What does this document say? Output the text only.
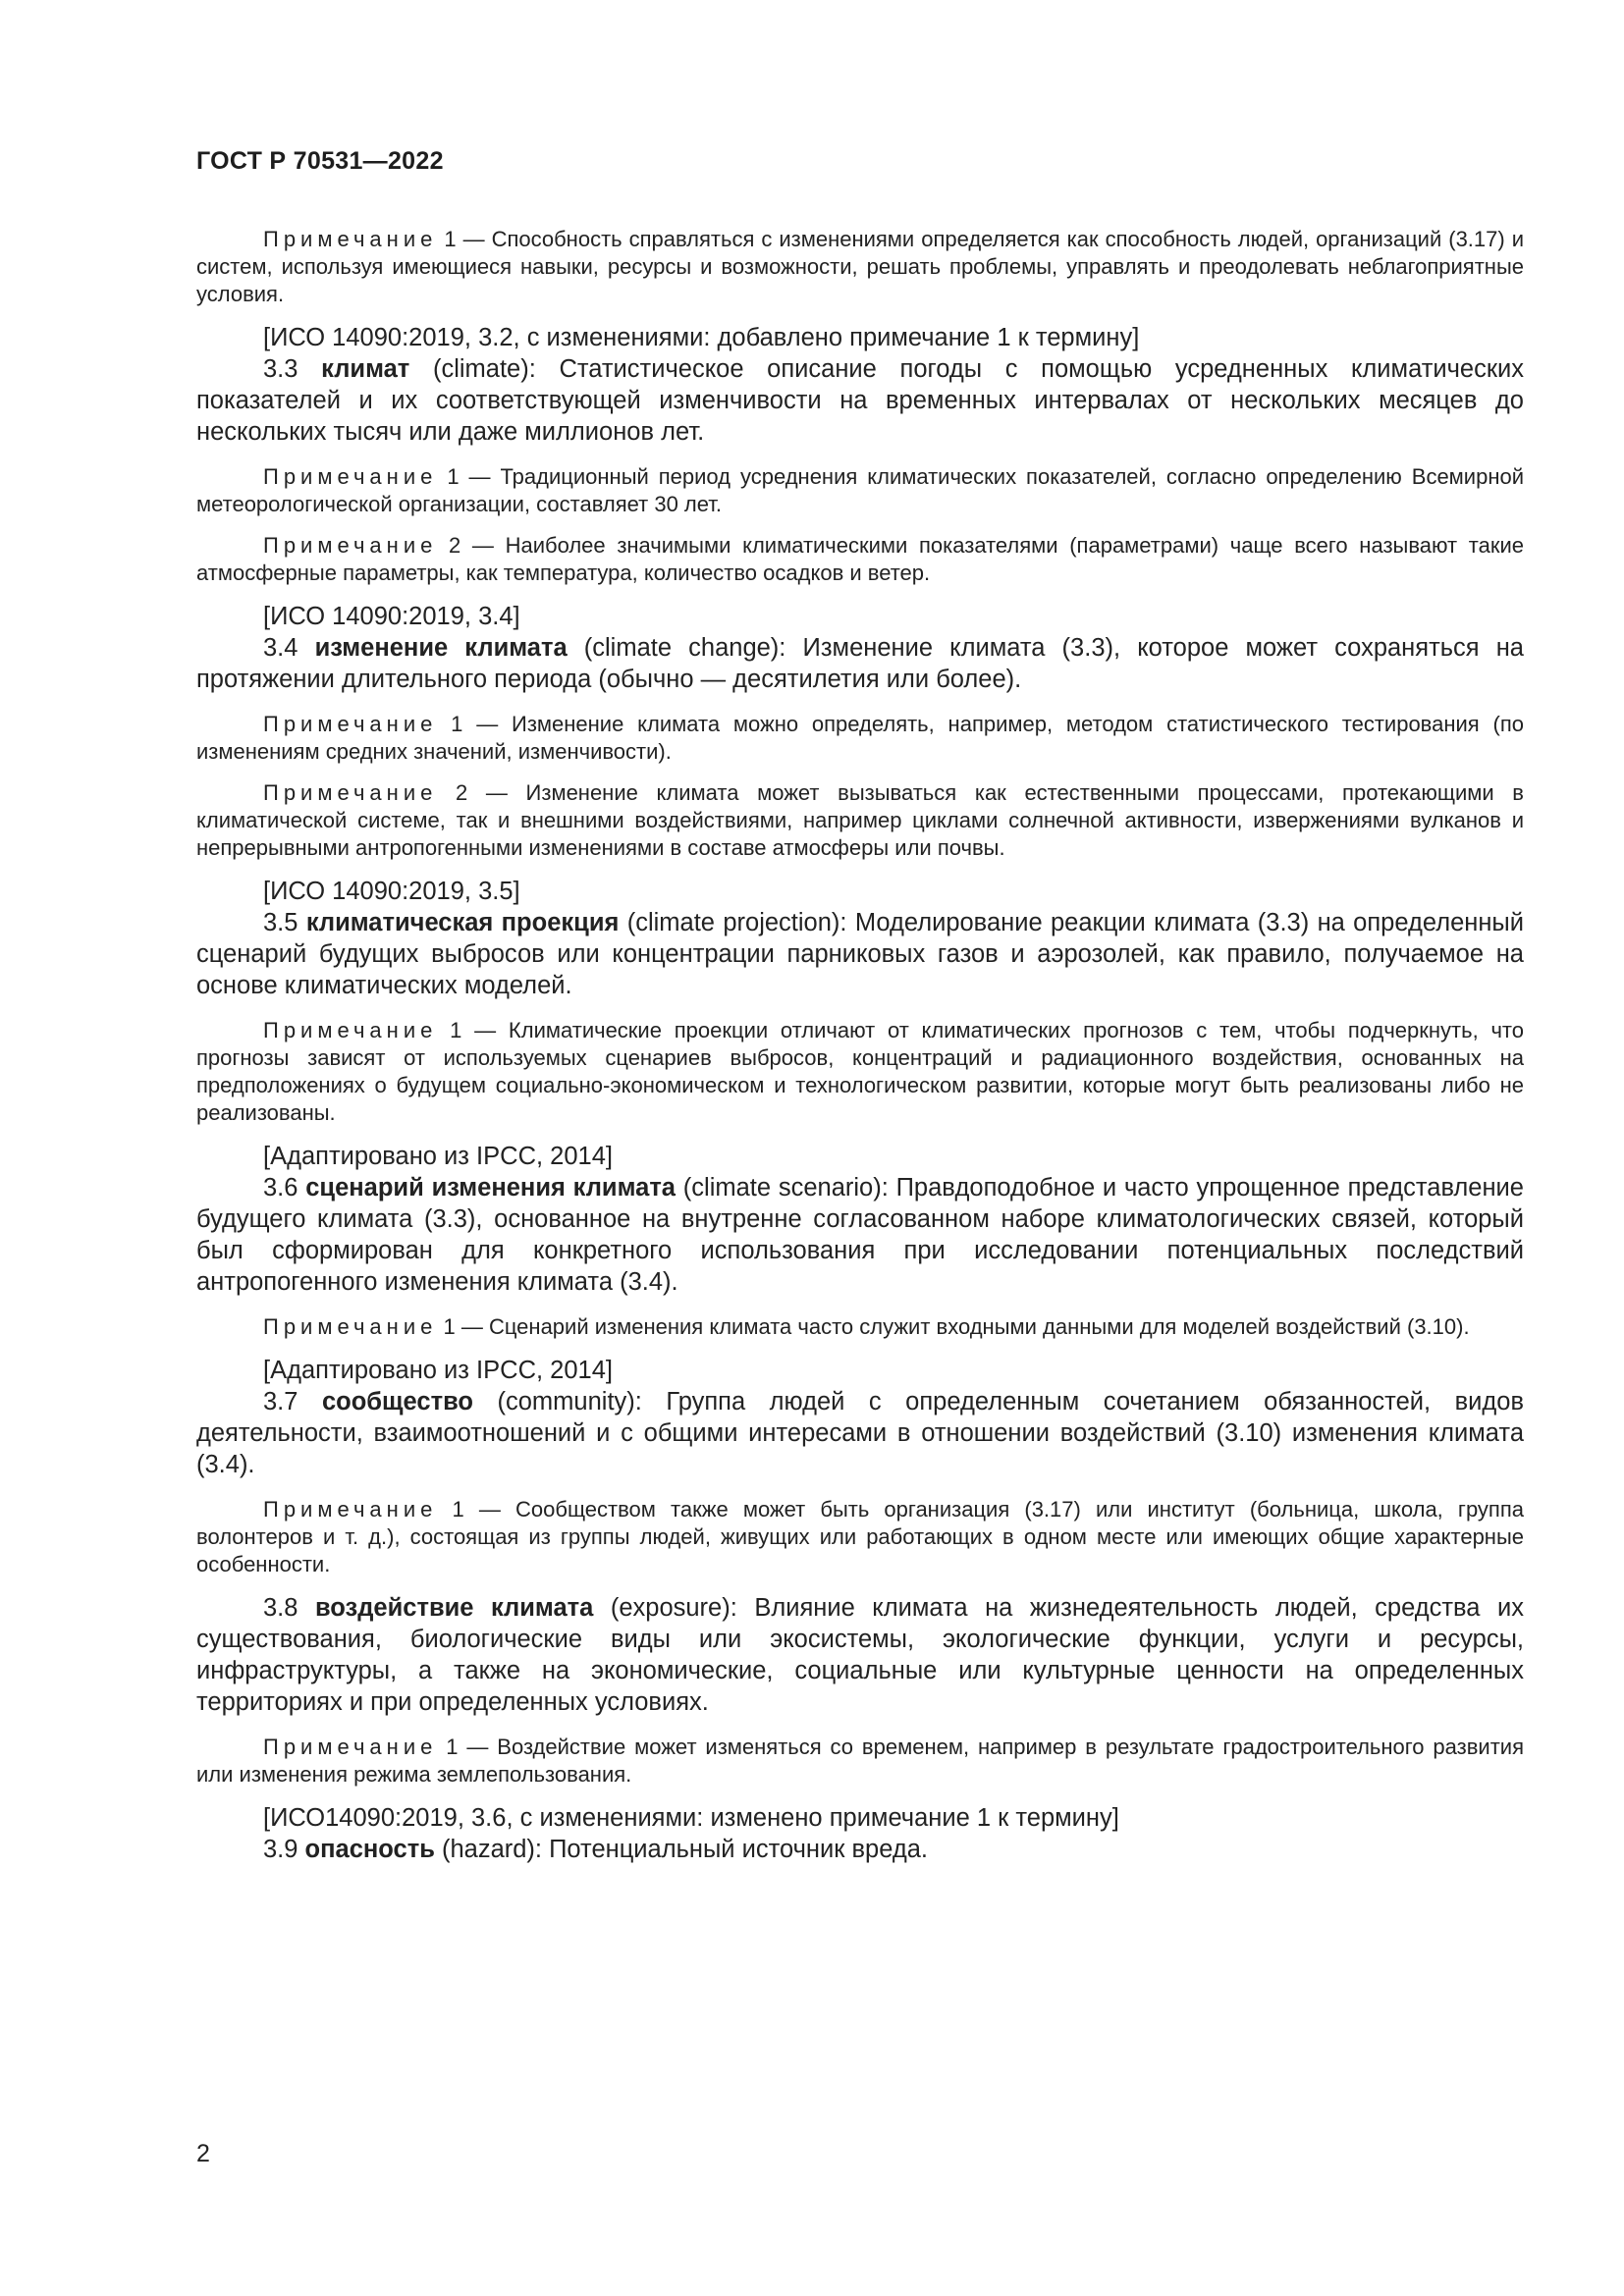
ГОСТ Р 70531—2022

Примечание 1 — Способность справляться с изменениями определяется как способность людей, организаций (3.17) и систем, используя имеющиеся навыки, ресурсы и возможности, решать проблемы, управлять и преодолевать неблагоприятные условия.

[ИСО 14090:2019, 3.2, с изменениями: добавлено примечание 1 к термину]

3.3 климат (climate): Статистическое описание погоды с помощью усредненных климатических показателей и их соответствующей изменчивости на временных интервалах от нескольких месяцев до нескольких тысяч или даже миллионов лет.

Примечание 1 — Традиционный период усреднения климатических показателей, согласно определению Всемирной метеорологической организации, составляет 30 лет.

Примечание 2 — Наиболее значимыми климатическими показателями (параметрами) чаще всего называют такие атмосферные параметры, как температура, количество осадков и ветер.

[ИСО 14090:2019, 3.4]

3.4 изменение климата (climate change): Изменение климата (3.3), которое может сохраняться на протяжении длительного периода (обычно — десятилетия или более).

Примечание 1 — Изменение климата можно определять, например, методом статистического тестирования (по изменениям средних значений, изменчивости).

Примечание 2 — Изменение климата может вызываться как естественными процессами, протекающими в климатической системе, так и внешними воздействиями, например циклами солнечной активности, извержениями вулканов и непрерывными антропогенными изменениями в составе атмосферы или почвы.

[ИСО 14090:2019, 3.5]

3.5 климатическая проекция (climate projection): Моделирование реакции климата (3.3) на определенный сценарий будущих выбросов или концентрации парниковых газов и аэрозолей, как правило, получаемое на основе климатических моделей.

Примечание 1 — Климатические проекции отличают от климатических прогнозов с тем, чтобы подчеркнуть, что прогнозы зависят от используемых сценариев выбросов, концентраций и радиационного воздействия, основанных на предположениях о будущем социально-экономическом и технологическом развитии, которые могут быть реализованы либо не реализованы.

[Адаптировано из IPCC, 2014]

3.6 сценарий изменения климата (climate scenario): Правдоподобное и часто упрощенное представление будущего климата (3.3), основанное на внутренне согласованном наборе климатологических связей, который был сформирован для конкретного использования при исследовании потенциальных последствий антропогенного изменения климата (3.4).

Примечание 1 — Сценарий изменения климата часто служит входными данными для моделей воздействий (3.10).

[Адаптировано из IPCC, 2014]

3.7 сообщество (community): Группа людей с определенным сочетанием обязанностей, видов деятельности, взаимоотношений и с общими интересами в отношении воздействий (3.10) изменения климата (3.4).

Примечание 1 — Сообществом также может быть организация (3.17) или институт (больница, школа, группа волонтеров и т. д.), состоящая из группы людей, живущих или работающих в одном месте или имеющих общие характерные особенности.

3.8 воздействие климата (exposure): Влияние климата на жизнедеятельность людей, средства их существования, биологические виды или экосистемы, экологические функции, услуги и ресурсы, инфраструктуры, а также на экономические, социальные или культурные ценности на определенных территориях и при определенных условиях.

Примечание 1 — Воздействие может изменяться со временем, например в результате градостроительного развития или изменения режима землепользования.

[ИСО14090:2019, 3.6, с изменениями: изменено примечание 1 к термину]

3.9 опасность (hazard): Потенциальный источник вреда.

2
